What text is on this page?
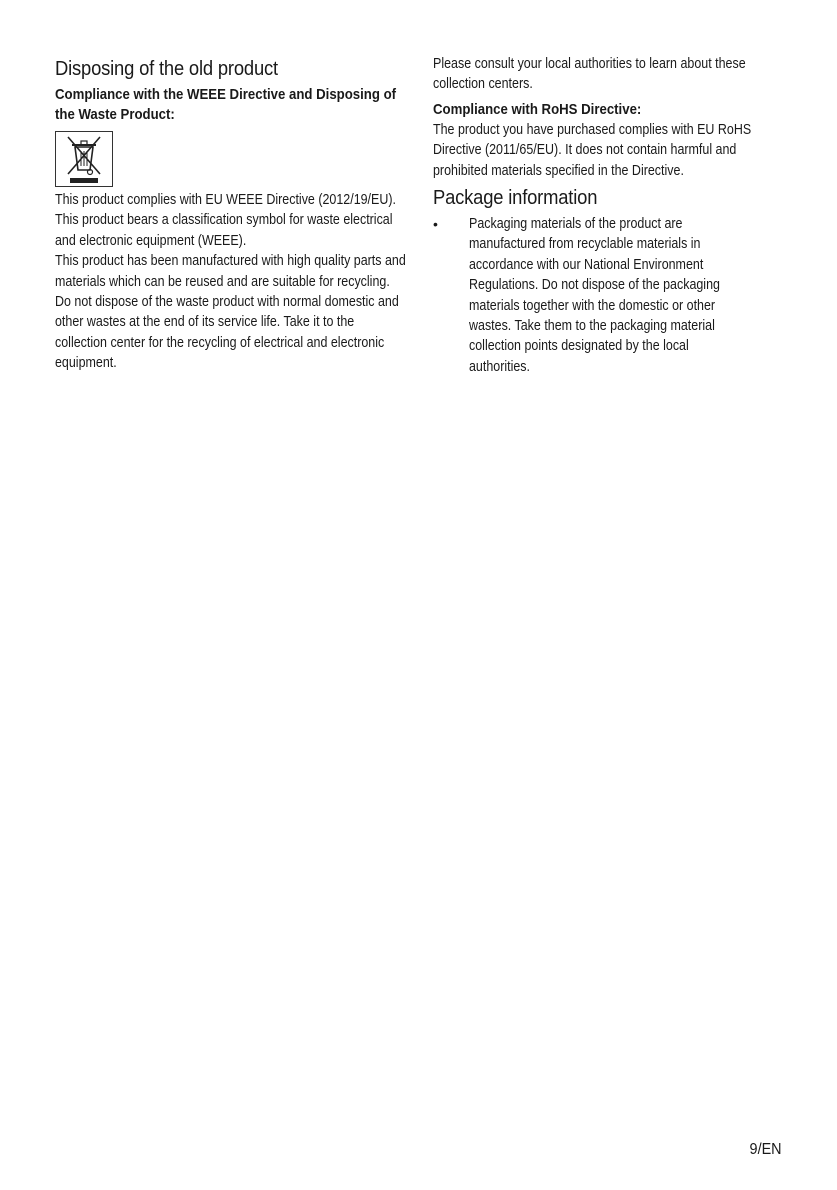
Disposing of the old product
Compliance with the WEEE Directive and Disposing of the Waste Product:

This product complies with EU WEEE Directive (2012/19/EU). This product bears a classification symbol for waste electrical and electronic equipment (WEEE).

This product has been manufactured with high quality parts and materials which can be reused and are suitable for recycling. Do not dispose of the waste product with normal domestic and other wastes at the end of its service life. Take it to the collection center for the recycling of electrical and electronic equipment.

Please consult your local authorities to learn about these collection centers.

Compliance with RoHS Directive:

The product you have purchased complies with EU RoHS Directive (2011/65/EU). It does not contain harmful and prohibited materials specified in the Directive.

Package information
•	Packaging materials of the product are manufactured from recyclable materials in accordance with our National Environment Regulations. Do not dispose of the packaging materials together with the domestic or other wastes. Take them to the packaging material collection points designated by the local authorities.

9/EN
